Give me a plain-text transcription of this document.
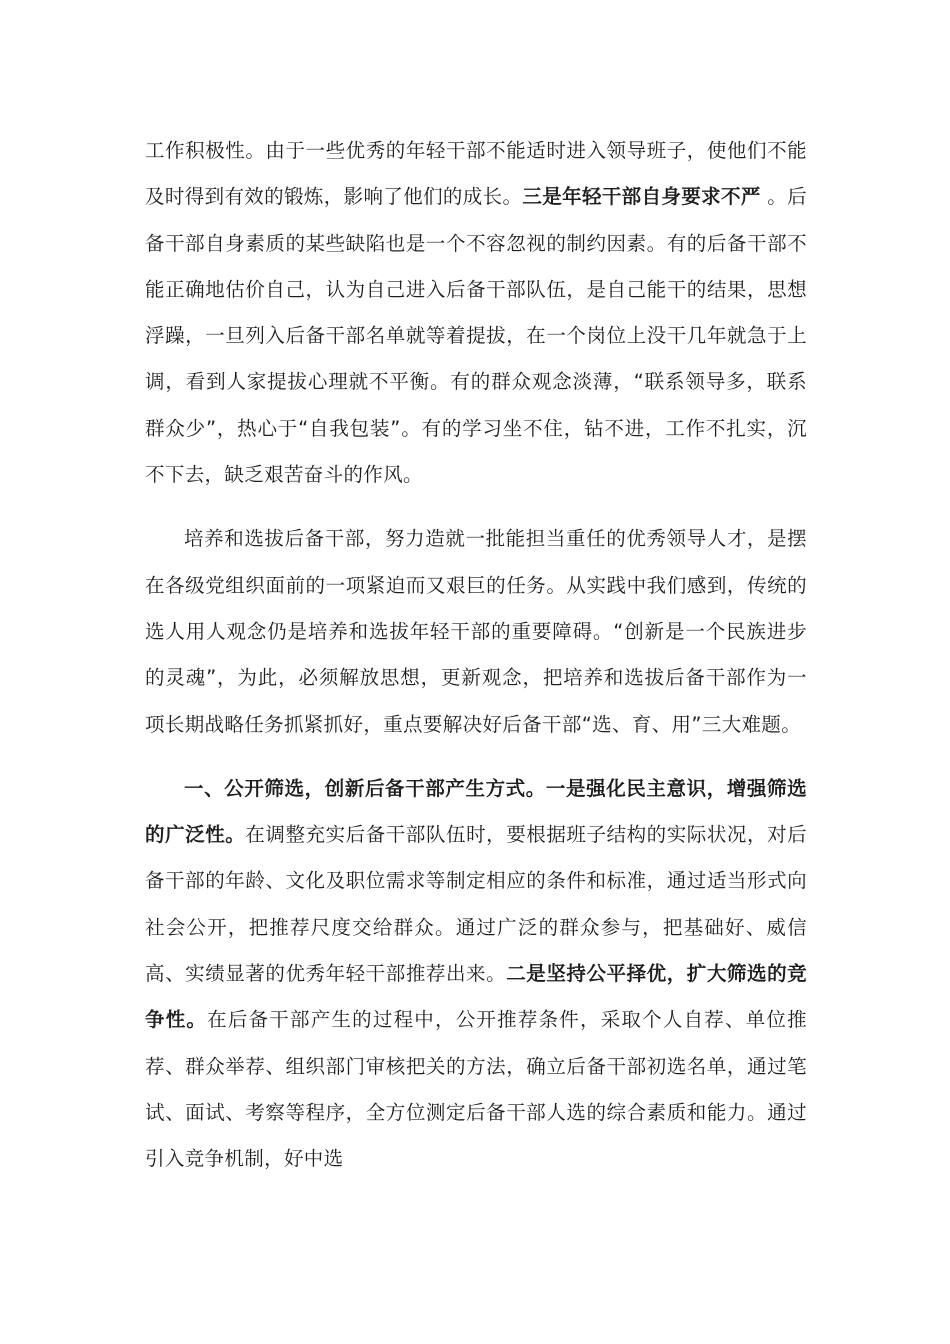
工作积极性。由于一些优秀的年轻干部不能适时进入领导班子，使他们不能及时得到有效的锻炼，影响了他们的成长。三是年轻干部自身要求不严 。后备干部自身素质的某些缺陷也是一个不容忽视的制约因素。有的后备干部不能正确地估价自己，认为自己进入后备干部队伍，是自己能干的结果，思想浮躁，一旦列入后备干部名单就等着提拔，在一个岗位上没干几年就急于上调，看到人家提拔心理就不平衡。有的群众观念淡薄，“联系领导多，联系群众少”，热心于“自我包装”。有的学习坐不住，钻不进，工作不扎实，沉不下去，缺乏艰苦奋斗的作风。

培养和选拔后备干部，努力造就一批能担当重任的优秀领导人才，是摆在各级党组织面前的一项紧迫而又艰巨的任务。从实践中我们感到，传统的选人用人观念仍是培养和选拔年轻干部的重要障碍。“创新是一个民族进步的灵魂”，为此，必须解放思想，更新观念，把培养和选拔后备干部作为一项长期战略任务抓紧抓好，重点要解决好后备干部“选、育、用”三大难题。

一、公开筛选，创新后备干部产生方式。一是强化民主意识，增强筛选的广泛性。在调整充实后备干部队伍时，要根据班子结构的实际状况，对后备干部的年龄、文化及职位需求等制定相应的条件和标准，通过适当形式向社会公开，把推荐尺度交给群众。通过广泛的群众参与，把基础好、威信高、实绩显著的优秀年轻干部推荐出来。二是坚持公平择优，扩大筛选的竞争性。在后备干部产生的过程中，公开推荐条件，采取个人自荐、单位推荐、群众举荐、组织部门审核把关的方法，确立后备干部初选名单，通过笔试、面试、考察等程序，全方位测定后备干部人选的综合素质和能力。通过引入竞争机制，好中选
